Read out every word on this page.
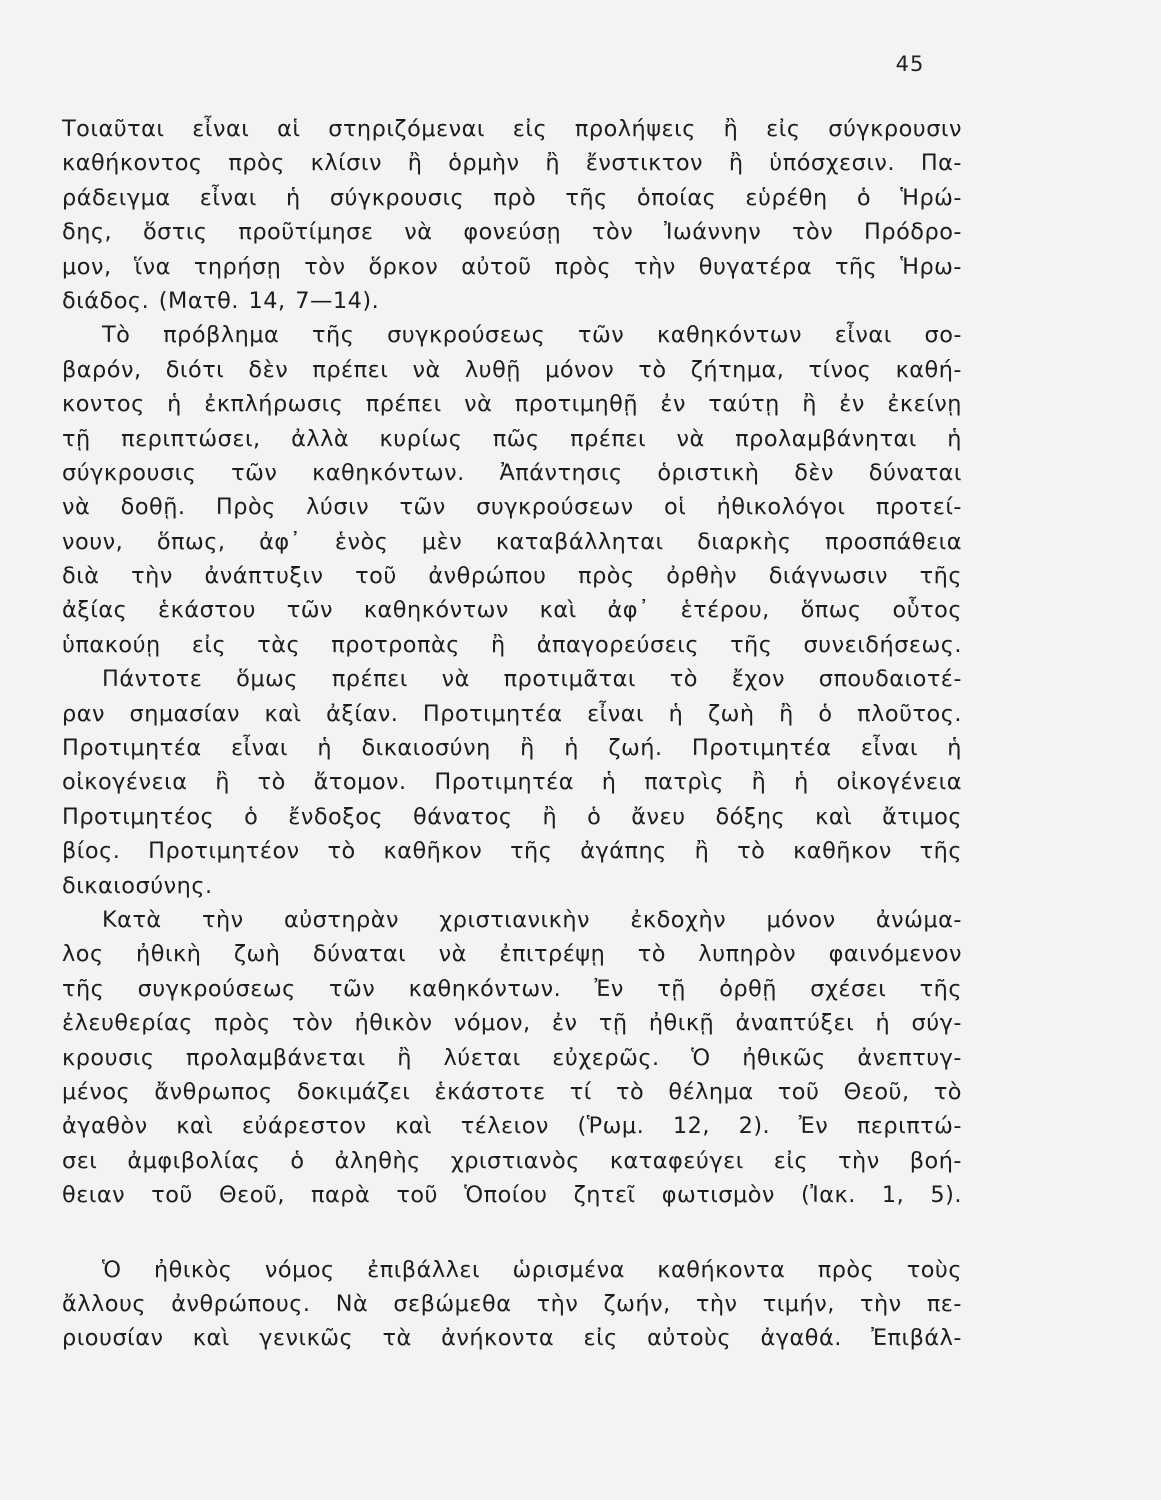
45
Τοιαῦται εἶναι αἱ στηριζόμεναι εἰς προλήψεις ἢ εἰς σύγκρουσιν
καθήκοντος πρὸς κλίσιν ἢ ὁρμὴν ἢ ἔνστικτον ἢ ὑπόσχεσιν. Πα-
ράδειγμα εἶναι ἡ σύγκρουσις πρὸ τῆς ὁποίας εὑρέθη ὁ Ἡρώ-
δης, ὅστις προῦτίμησε νὰ φονεύσῃ τὸν Ἰωάννην τὸν Πρόδρο-
μον, ἵνα τηρήσῃ τὸν ὅρκον αὐτοῦ πρὸς τὴν θυγατέρα τῆς Ἡρω-
διάδος. (Ματθ. 14, 7—14).
Τὸ πρόβλημα τῆς συγκρούσεως τῶν καθηκόντων εἶναι σο-
βαρόν, διότι δὲν πρέπει νὰ λυθῇ μόνον τὸ ζήτημα, τίνος καθή-
κοντος ἡ ἐκπλήρωσις πρέπει νὰ προτιμηθῇ ἐν ταύτῃ ἢ ἐν ἐκείνῃ
τῇ περιπτώσει, ἀλλὰ κυρίως πῶς πρέπει νὰ προλαμβάνηται ἡ
σύγκρουσις τῶν καθηκόντων. Ἀπάντησις ὁριστικὴ δὲν δύναται
νὰ δοθῇ. Πρὸς λύσιν τῶν συγκρούσεων οἱ ἠθικολόγοι προτεί-
νουν, ὅπως, ἀφ᾽ ἑνὸς μὲν καταβάλληται διαρκὴς προσπάθεια
διὰ τὴν ἀνάπτυξιν τοῦ ἀνθρώπου πρὸς ὀρθὴν διάγνωσιν τῆς
ἀξίας ἑκάστου τῶν καθηκόντων καὶ ἀφ᾽ ἑτέρου, ὅπως οὗτος
ὑπακούῃ εἰς τὰς προτροπὰς ἢ ἀπαγορεύσεις τῆς συνειδήσεως.
Πάντοτε ὅμως πρέπει νὰ προτιμᾶται τὸ ἔχον σπουδαιοτέ-
ραν σημασίαν καὶ ἀξίαν. Προτιμητέα εἶναι ἡ ζωὴ ἢ ὁ πλοῦτος.
Προτιμητέα εἶναι ἡ δικαιοσύνη ἢ ἡ ζωή. Προτιμητέα εἶναι ἡ
οἰκογένεια ἢ τὸ ἄτομον. Προτιμητέα ἡ πατρὶς ἢ ἡ οἰκογένεια
Προτιμητέος ὁ ἔνδοξος θάνατος ἢ ὁ ἄνευ δόξης καὶ ἄτιμος
βίος. Προτιμητέον τὸ καθῆκον τῆς ἀγάπης ἢ τὸ καθῆκον τῆς
δικαιοσύνης.
Κατὰ τὴν αὐστηρὰν χριστιανικὴν ἐκδοχὴν μόνον ἀνώμα-
λος ἠθικὴ ζωὴ δύναται νὰ ἐπιτρέψῃ τὸ λυπηρὸν φαινόμενον
τῆς συγκρούσεως τῶν καθηκόντων. Ἐν τῇ ὀρθῇ σχέσει τῆς
ἐλευθερίας πρὸς τὸν ἠθικὸν νόμον, ἐν τῇ ἠθικῇ ἀναπτύξει ἡ σύγ-
κρουσις προλαμβάνεται ἢ λύεται εὐχερῶς. Ὁ ἠθικῶς ἀνεπτυγ-
μένος ἄνθρωπος δοκιμάζει ἑκάστοτε τί τὸ θέλημα τοῦ Θεοῦ, τὸ
ἀγαθὸν καὶ εὐάρεστον καὶ τέλειον (Ῥωμ. 12, 2). Ἐν περιπτώ-
σει ἀμφιβολίας ὁ ἀληθὴς χριστιανὸς καταφεύγει εἰς τὴν βοή-
θειαν τοῦ Θεοῦ, παρὰ τοῦ Ὁποίου ζητεῖ φωτισμὸν (Ἰακ. 1, 5).
Ὁ ἠθικὸς νόμος ἐπιβάλλει ὡρισμένα καθήκοντα πρὸς τοὺς
ἄλλους ἀνθρώπους. Νὰ σεβώμεθα τὴν ζωήν, τὴν τιμήν, τὴν πε-
ριουσίαν καὶ γενικῶς τὰ ἀνήκοντα εἰς αὐτοὺς ἀγαθά. Ἐπιβάλ-
